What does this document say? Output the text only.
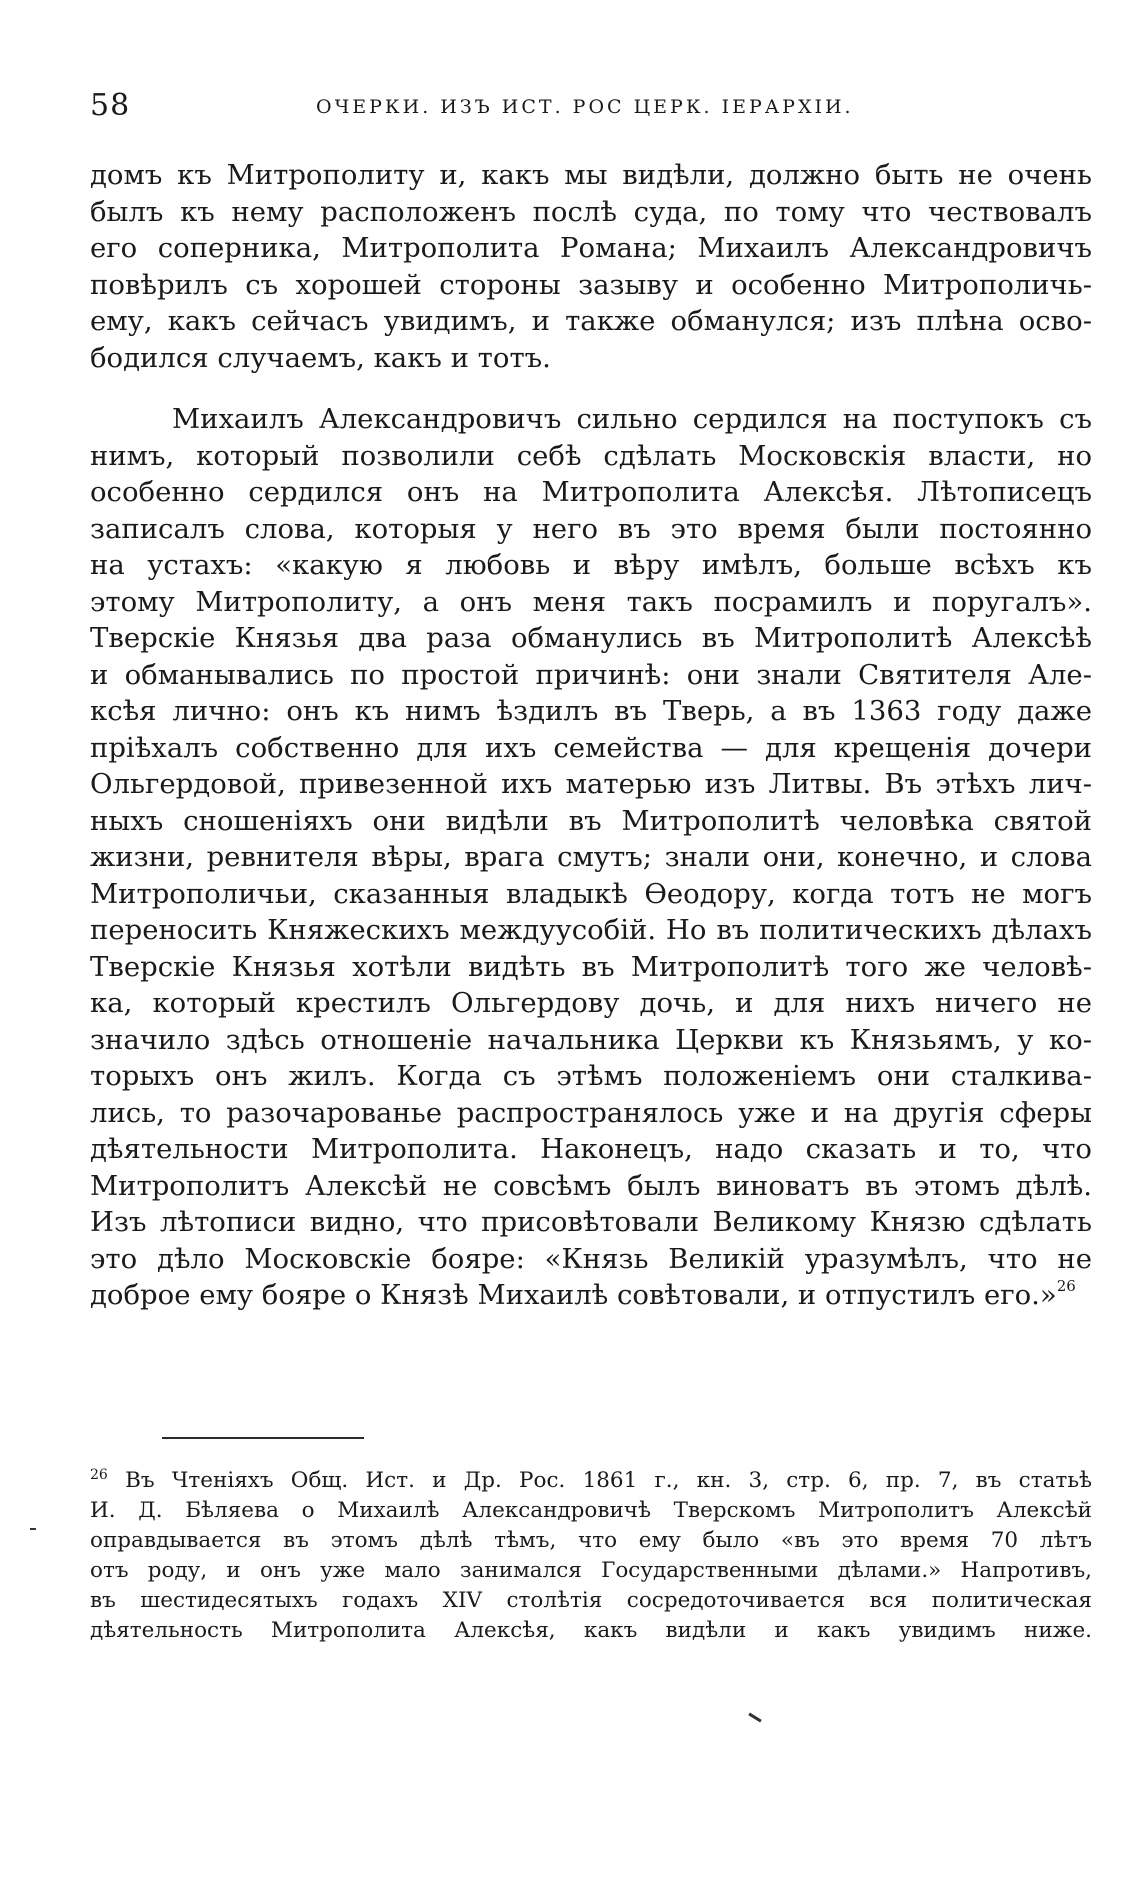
58	ОЧЕРКИ. ИЗЪ ИСТ. РОС ЦЕРК. ІЕРАРХІИ.
домъ къ Митрополиту и, какъ мы видѣли, должно быть не очень
былъ къ нему расположенъ послѣ суда, по тому что чествовалъ
его соперника, Митрополита Романа; Михаилъ Александровичъ
повѣрилъ съ хорошей стороны зазыву и особенно Митрополичь-
ему, какъ сейчасъ увидимъ, и также обманулся; изъ плѣна осво-
бодился случаемъ, какъ и тотъ.
Михаилъ Александровичъ сильно сердился на поступокъ съ
нимъ, который позволили себѣ сдѣлать Московскія власти, но
особенно сердился онъ на Митрополита Алексѣя. Лѣтописецъ
записалъ слова, которыя у него въ это время были постоянно
на устахъ: «какую я любовь и вѣру имѣлъ, больше всѣхъ къ
этому Митрополиту, а онъ меня такъ посрамилъ и поругалъ».
Тверскіе Князья два раза обманулись въ Митрополитѣ Алексѣѣ
и обманывались по простой причинѣ: они знали Святителя Але-
ксѣя лично: онъ къ нимъ ѣздилъ въ Тверь, а въ 1363 году даже
пріѣхалъ собственно для ихъ семейства — для крещенія дочери
Ольгердовой, привезенной ихъ матерью изъ Литвы. Въ этѣхъ лич-
ныхъ сношеніяхъ они видѣли въ Митрополитѣ человѣка святой
жизни, ревнителя вѣры, врага смутъ; знали они, конечно, и слова
Митрополичьи, сказанныя владыкѣ Ѳеодору, когда тотъ не могъ
переносить Княжескихъ междуусобій. Но въ политическихъ дѣлахъ
Тверскіе Князья хотѣли видѣть въ Митрополитѣ того же человѣ-
ка, который крестилъ Ольгердову дочь, и для нихъ ничего не
значило здѣсь отношеніе начальника Церкви къ Князьямъ, у ко-
торыхъ онъ жилъ. Когда съ этѣмъ положеніемъ они сталкива-
лись, то разочарованье распространялось уже и на другія сферы
дѣятельности Митрополита. Наконецъ, надо сказать и то, что
Митрополитъ Алексѣй не совсѣмъ былъ виноватъ въ этомъ дѣлѣ.
Изъ лѣтописи видно, что присовѣтовали Великому Князю сдѣлать
это дѣло Московскіе бояре: «Князь Великій уразумѣлъ, что не
доброе ему бояре о Князѣ Михаилѣ совѣтовали, и отпустилъ его.»$^{26}$
$^{26}$ Въ Чтеніяхъ Общ. Ист. и Др. Рос. 1861 г., кн. 3, стр. 6, пр. 7, въ статьѣ
И. Д. Бѣляева о Михаилѣ Александровичѣ Тверскомъ Митрополитъ Алексѣй
оправдывается въ этомъ дѣлѣ тѣмъ, что ему было «въ это время 70 лѣтъ
отъ роду, и онъ уже мало занимался Государственными дѣлами.» Напротивъ,
въ шестидесятыхъ годахъ XIV столѣтія сосредоточивается вся политическая
дѣятельность Митрополита Алексѣя, какъ видѣли и какъ увидимъ ниже.
